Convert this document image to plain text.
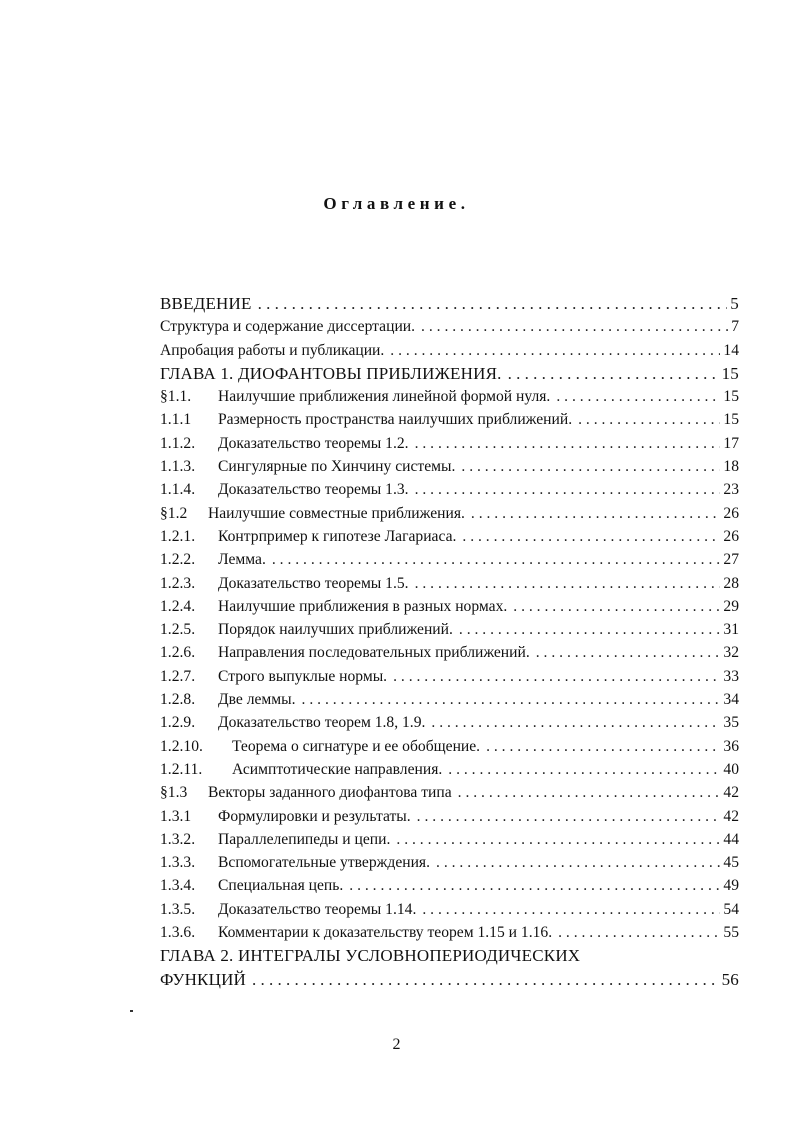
Оглавление.
ВВЕДЕНИЕ . . .	5
Структура и содержание диссертации. . . .	7
Апробация работы и публикации. . . .	14
ГЛАВА 1. ДИОФАНТОВЫ ПРИБЛИЖЕНИЯ. . . .	15
§1.1.	Наилучшие приближения линейной формой нуля. . . .	15
1.1.1	Размерность пространства наилучших приближений. . . .	15
1.1.2.	Доказательство теоремы 1.2. . . .	17
1.1.3.	Сингулярные по Хинчину системы. . . .	18
1.1.4.	Доказательство теоремы 1.3. . . .	23
§1.2	Наилучшие совместные приближения. . . .	26
1.2.1.	Контрпример к гипотезе Лагариаса. . . .	26
1.2.2.	Лемма. . . .	27
1.2.3.	Доказательство теоремы 1.5. . . .	28
1.2.4.	Наилучшие приближения в разных нормах. . . .	29
1.2.5.	Порядок наилучших приближений. . . .	31
1.2.6.	Направления последовательных приближений. . . .	32
1.2.7.	Строго выпуклые нормы. . . .	33
1.2.8.	Две леммы. . . .	34
1.2.9.	Доказательство теорем 1.8, 1.9. . . .	35
1.2.10.	Теорема о сигнатуре и ее обобщение. . . .	36
1.2.11.	Асимптотические направления. . . .	40
§1.3	Векторы заданного диофантова типа . . .	42
1.3.1	Формулировки и результаты. . . .	42
1.3.2.	Параллелепипеды и цепи. . . .	44
1.3.3.	Вспомогательные утверждения. . . .	45
1.3.4.	Специальная цепь. . . .	49
1.3.5.	Доказательство теоремы 1.14. . . .	54
1.3.6.	Комментарии к доказательству теорем 1.15 и 1.16. . . .	55
ГЛАВА 2. ИНТЕГРАЛЫ УСЛОВНОПЕРИОДИЧЕСКИХ
ФУНКЦИЙ . . .	56
2
